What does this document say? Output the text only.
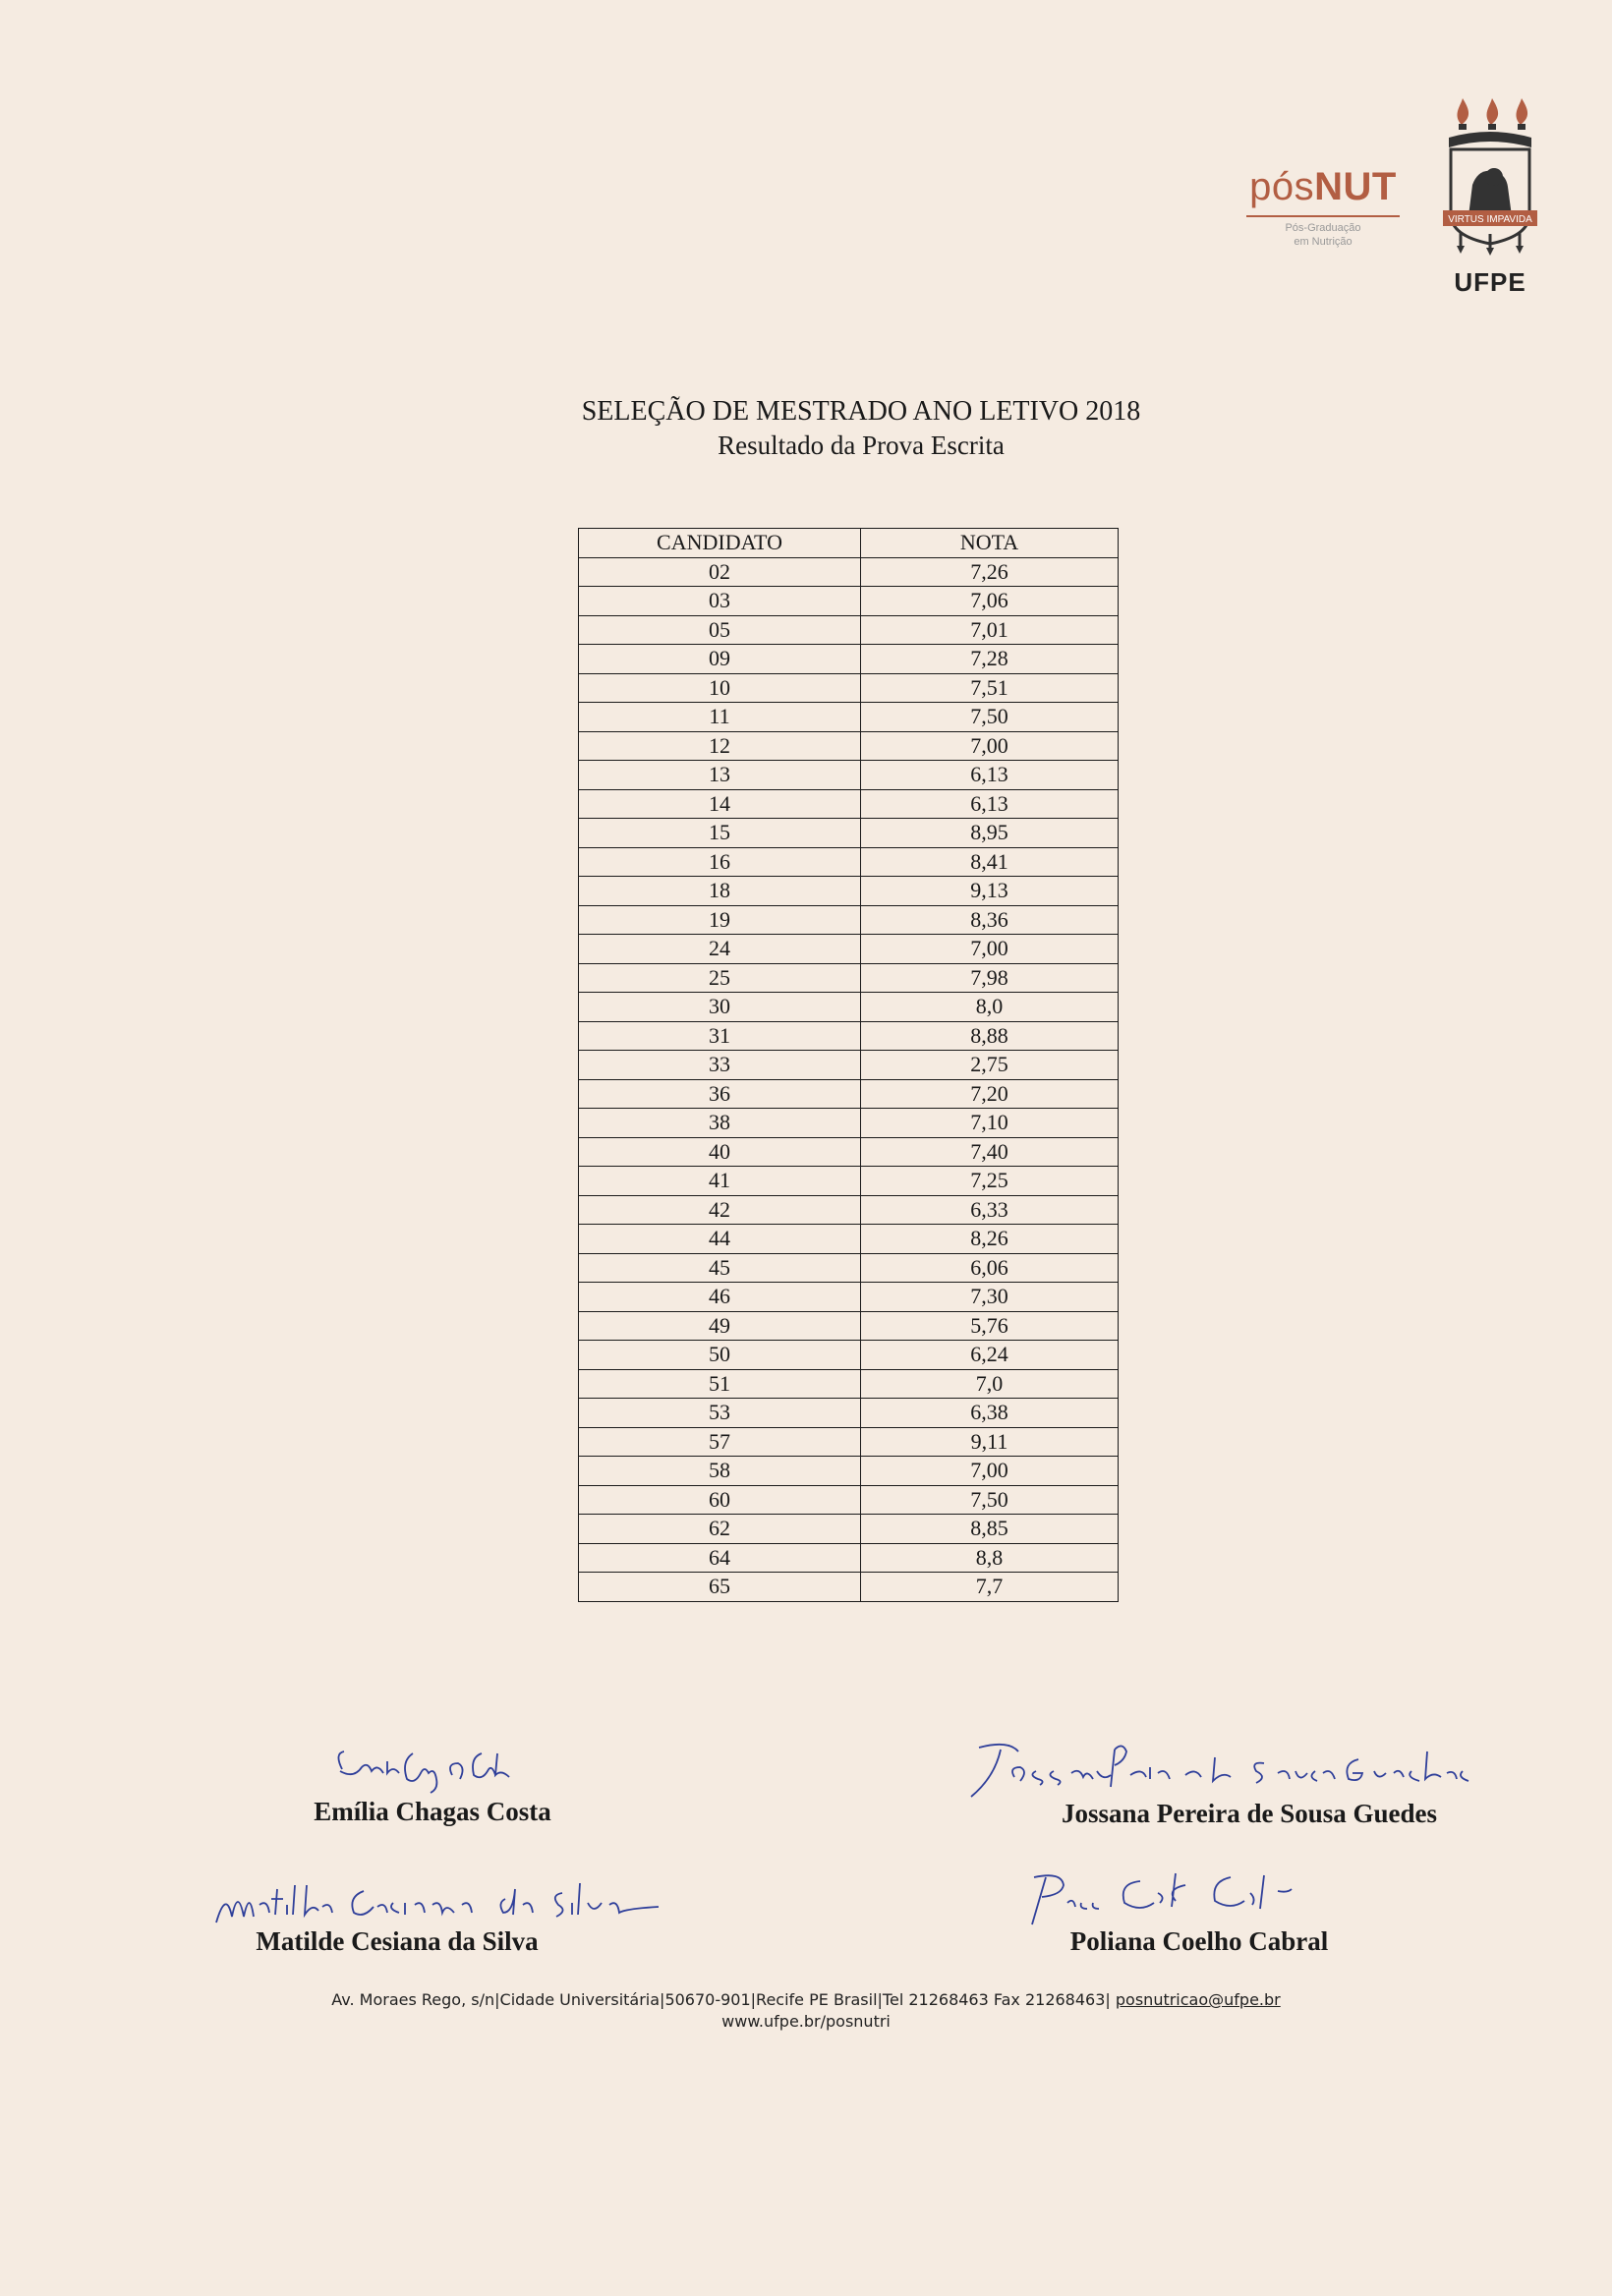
pósNUT
Pós-Graduação
em Nutrição
VIRTUS IMPAVIDA
UFPE
SELEÇÃO DE MESTRADO ANO LETIVO 2018
Resultado da Prova Escrita
CANDIDATO	NOTA
02	7,26
03	7,06
05	7,01
09	7,28
10	7,51
11	7,50
12	7,00
13	6,13
14	6,13
15	8,95
16	8,41
18	9,13
19	8,36
24	7,00
25	7,98
30	8,0
31	8,88
33	2,75
36	7,20
38	7,10
40	7,40
41	7,25
42	6,33
44	8,26
45	6,06
46	7,30
49	5,76
50	6,24
51	7,0
53	6,38
57	9,11
58	7,00
60	7,50
62	8,85
64	8,8
65	7,7
Emília Chagas Costa	Jossana Pereira de Sousa Guedes
Matilde Cesiana da Silva	Poliana Coelho Cabral
Av. Moraes Rego, s/n|Cidade Universitária|50670-901|Recife PE Brasil|Tel 21268463 Fax 21268463| posnutricao@ufpe.br
www.ufpe.br/posnutri
